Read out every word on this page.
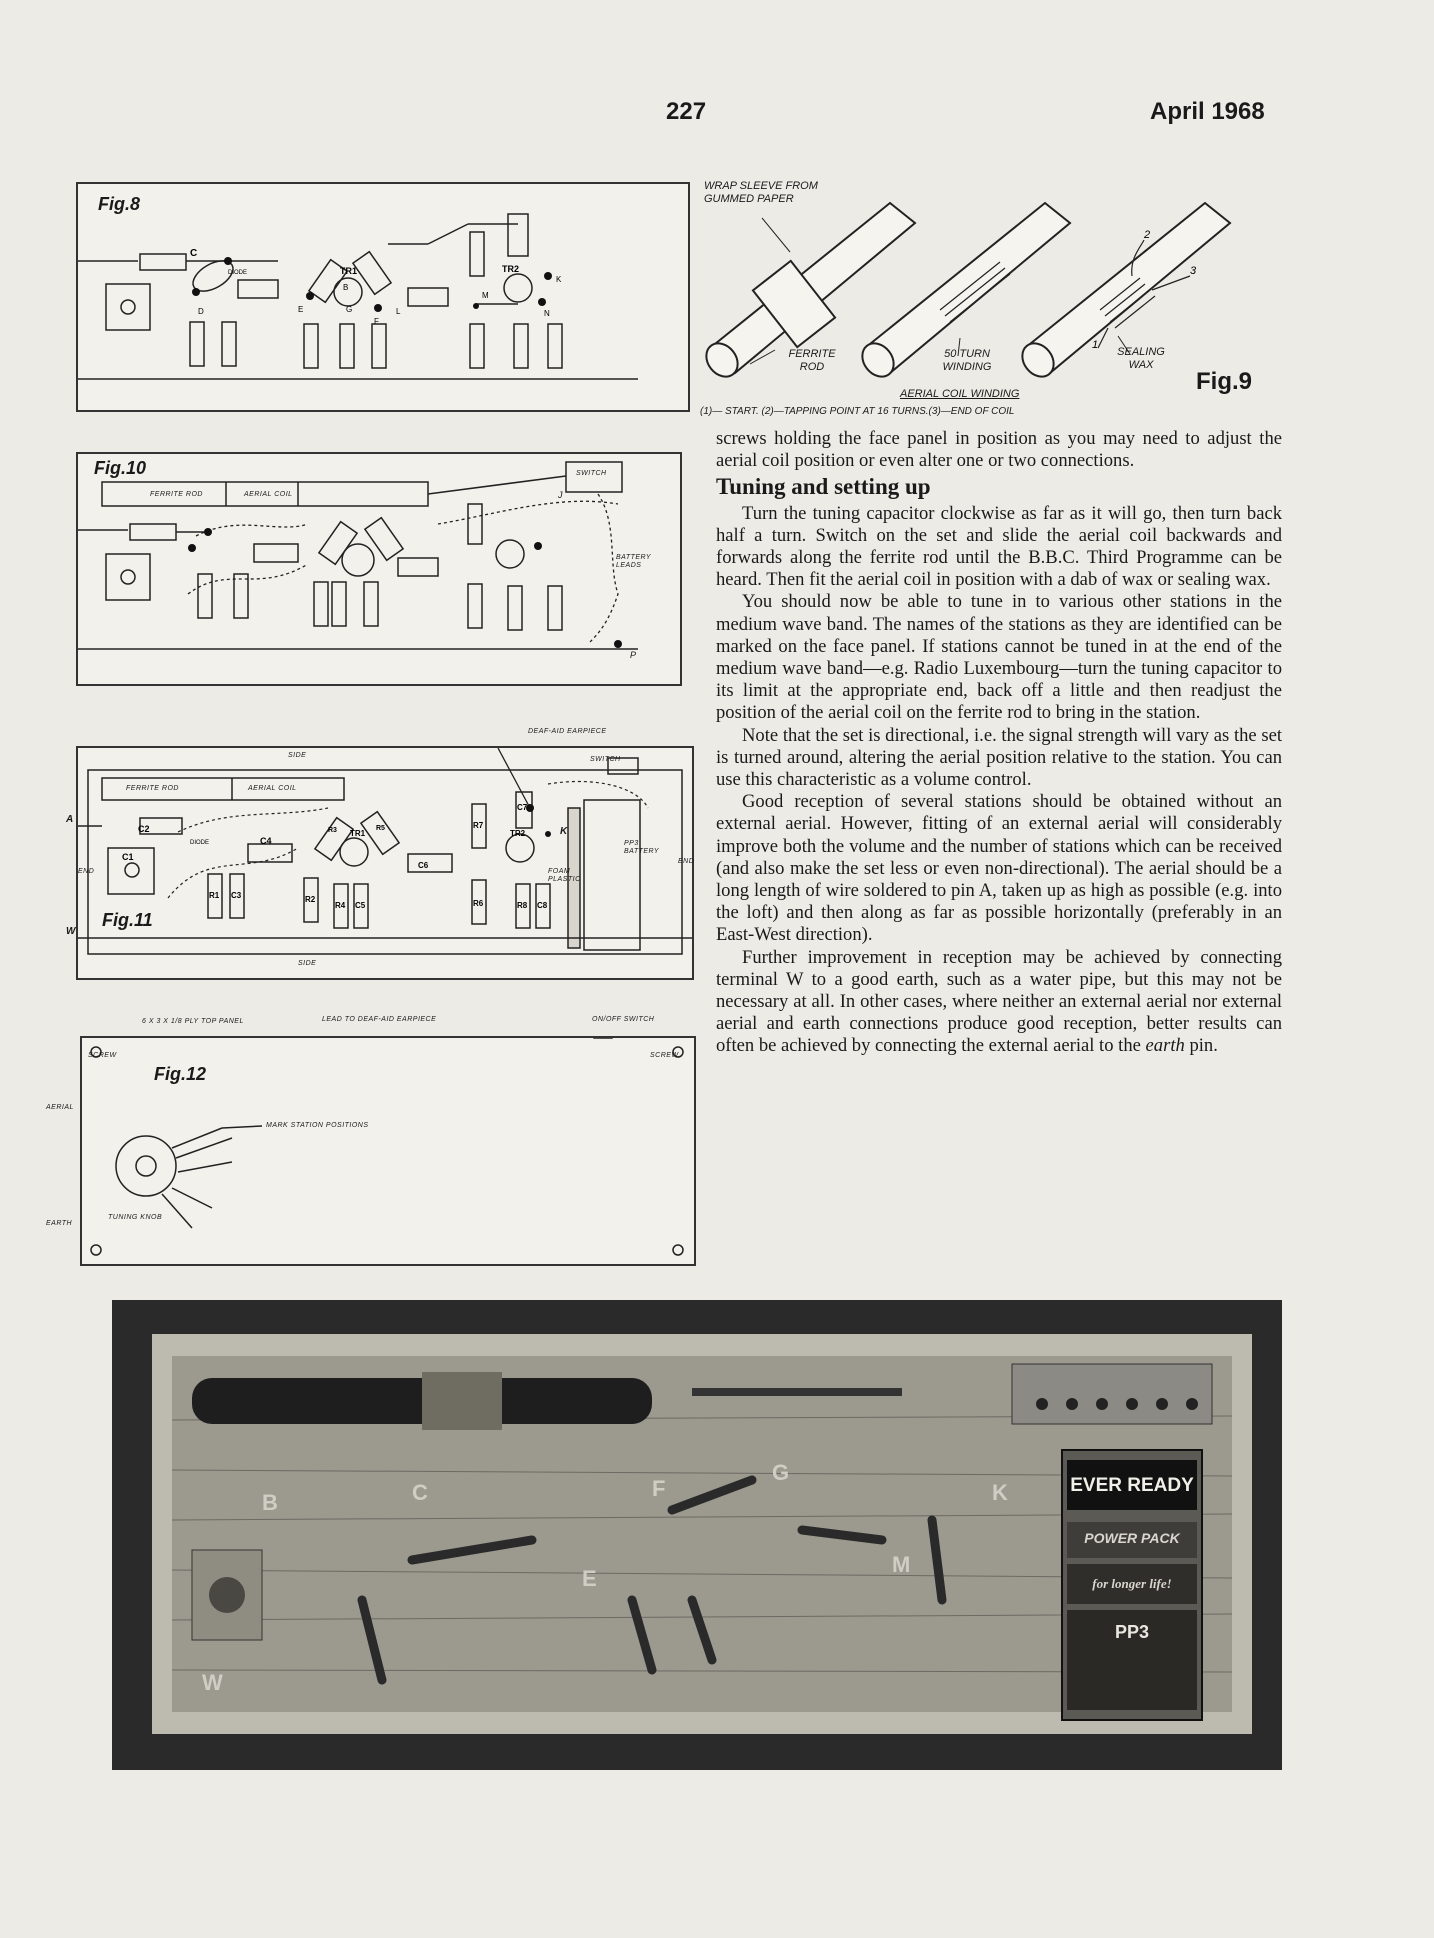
227	April 1968
C
DIODE	TR1	TR2
B
E
D	G
F
L
M
K
N
Fig.8
2
3
1
WRAP SLEEVE FROM GUMMED PAPER
FERRITE ROD
50 TURN WINDING
SEALING WAX
AERIAL COIL WINDING
(1)— START. (2)—TAPPING POINT AT 16 TURNS.(3)—END OF COIL
Fig.9
Fig.10
FERRITE ROD	AERIAL COIL
SWITCH
BATTERY LEADS
J
P
C2
C1
C4
R1 C3	R2
R4 C5
C6
R7
C7
R6	R8 C8
TR1	TR2
R3	R5
DIODE
Fig.11
SIDE
SIDE
END
END
FERRITE ROD	AERIAL COIL
DEAF-AID EARPIECE
SWITCH
PP3 BATTERY
FOAM PLASTIC
A
W
K
Fig.12
6 X 3 X 1/8 PLY TOP PANEL	LEAD TO DEAF-AID EARPIECE	ON/OFF SWITCH
SCREW	SCREW
AERIAL
EARTH
MARK STATION POSITIONS
TUNING KNOB

screws holding the face panel in position as you may need to adjust the aerial coil position or even alter one or two connections.

Tuning and setting up

Turn the tuning capacitor clockwise as far as it will go, then turn back half a turn. Switch on the set and slide the aerial coil backwards and forwards along the ferrite rod until the B.B.C. Third Programme can be heard. Then fit the aerial coil in position with a dab of wax or sealing wax.

You should now be able to tune in to various other stations in the medium wave band. The names of the stations as they are identified can be marked on the face panel. If stations cannot be tuned in at the end of the medium wave band—e.g. Radio Luxembourg—turn the tuning capacitor to its limit at the appropriate end, back off a little and then readjust the position of the aerial coil on the ferrite rod to bring in the station.

Note that the set is directional, i.e. the signal strength will vary as the set is turned around, altering the aerial position relative to the station. You can use this characteristic as a volume control.

Good reception of several stations should be obtained without an external aerial. However, fitting of an external aerial will considerably improve both the volume and the number of stations which can be received (and also make the set less or even non-directional). The aerial should be a long length of wire soldered to pin A, taken up as high as possible (e.g. into the loft) and then along as far as possible horizontally (preferably in an East-West direction).

Further improvement in reception may be achieved by connecting terminal W to a good earth, such as a water pipe, but this may not be necessary at all. In other cases, where neither an external aerial nor external aerial and earth connections produce good reception, better results can often be achieved by connecting the external aerial to the earth pin.

B	C
E
F
G
K
M
W
EVER READY
POWER PACK
for longer life!
PP3
